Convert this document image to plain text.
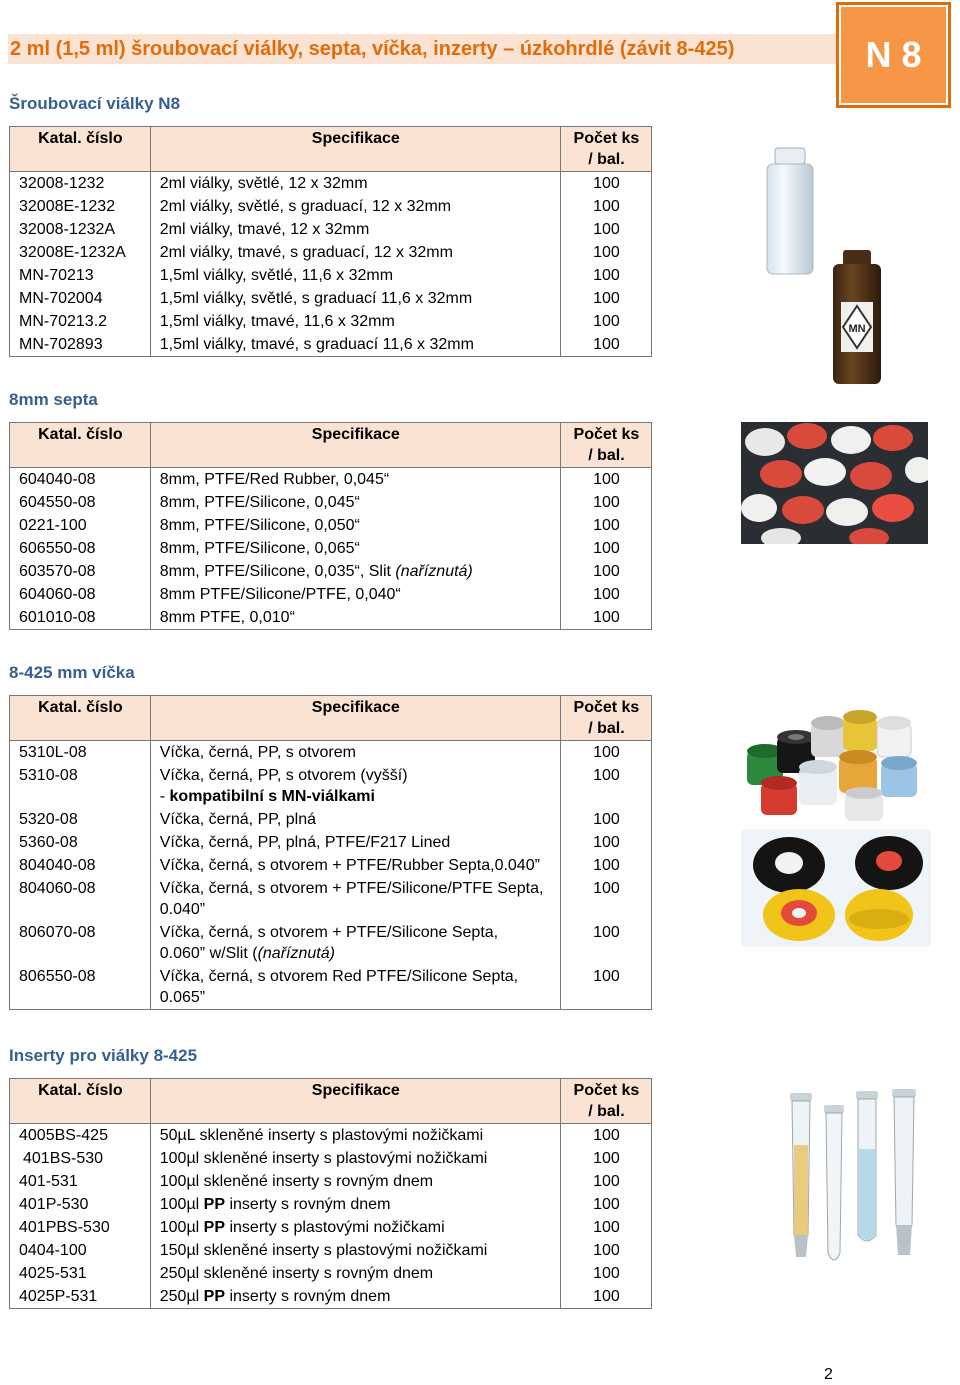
2 ml (1,5 ml) šroubovací viálky, septa, víčka, inzerty – úzkohrdlé (závit 8-425)	N 8
Šroubovací viálky N8
Katal. číslo	Specifikace	Počet ks / bal.
32008-1232	2ml viálky, světlé, 12 x 32mm	100
32008E-1232	2ml viálky, světlé, s graduací, 12 x 32mm	100
32008-1232A	2ml viálky, tmavé, 12 x 32mm	100
32008E-1232A	2ml viálky, tmavé, s graduací, 12 x 32mm	100
MN-70213	1,5ml viálky, světlé, 11,6 x 32mm	100
MN-702004	1,5ml viálky, světlé, s graduací 11,6 x 32mm	100
MN-70213.2	1,5ml viálky, tmavé, 11,6 x 32mm	100
MN-702893	1,5ml viálky, tmavé, s graduací 11,6 x 32mm	100
MN
8mm septa
Katal. číslo	Specifikace	Počet ks / bal.
604040-08	8mm, PTFE/Red Rubber, 0,045“	100
604550-08	8mm, PTFE/Silicone, 0,045“	100
0221-100	8mm, PTFE/Silicone, 0,050“	100
606550-08	8mm, PTFE/Silicone, 0,065“	100
603570-08	8mm, PTFE/Silicone, 0,035“, Slit (naříznutá)	100
604060-08	8mm PTFE/Silicone/PTFE, 0,040“	100
601010-08	8mm PTFE, 0,010“	100
8-425 mm víčka
Katal. číslo	Specifikace	Počet ks / bal.
5310L-08	Víčka, černá, PP, s otvorem	100
5310-08	Víčka, černá, PP, s otvorem (vyšší)
- kompatibilní s MN-viálkami	100
5320-08	Víčka, černá, PP, plná	100
5360-08	Víčka, černá, PP, plná, PTFE/F217 Lined	100
804040-08	Víčka, černá, s otvorem + PTFE/Rubber Septa,0.040”	100
804060-08	Víčka, černá, s otvorem + PTFE/Silicone/PTFE Septa,
0.040”	100
806070-08	Víčka, černá, s otvorem + PTFE/Silicone Septa,
0.060” w/Slit ((naříznutá)	100
806550-08	Víčka, černá, s otvorem Red PTFE/Silicone Septa,
0.065”	100
Inserty pro viálky 8-425
Katal. číslo	Specifikace	Počet ks / bal.
4005BS-425	50µL skleněné inserty s plastovými nožičkami	100
401BS-530	100µl skleněné inserty s plastovými nožičkami	100
401-531	100µl skleněné inserty s rovným dnem	100
401P-530	100µl PP inserty s rovným dnem	100
401PBS-530	100µl PP inserty s plastovými nožičkami	100
0404-100	150µl skleněné inserty s plastovými nožičkami	100
4025-531	250µl skleněné inserty s rovným dnem	100
4025P-531	250µl PP inserty s rovným dnem	100
2
